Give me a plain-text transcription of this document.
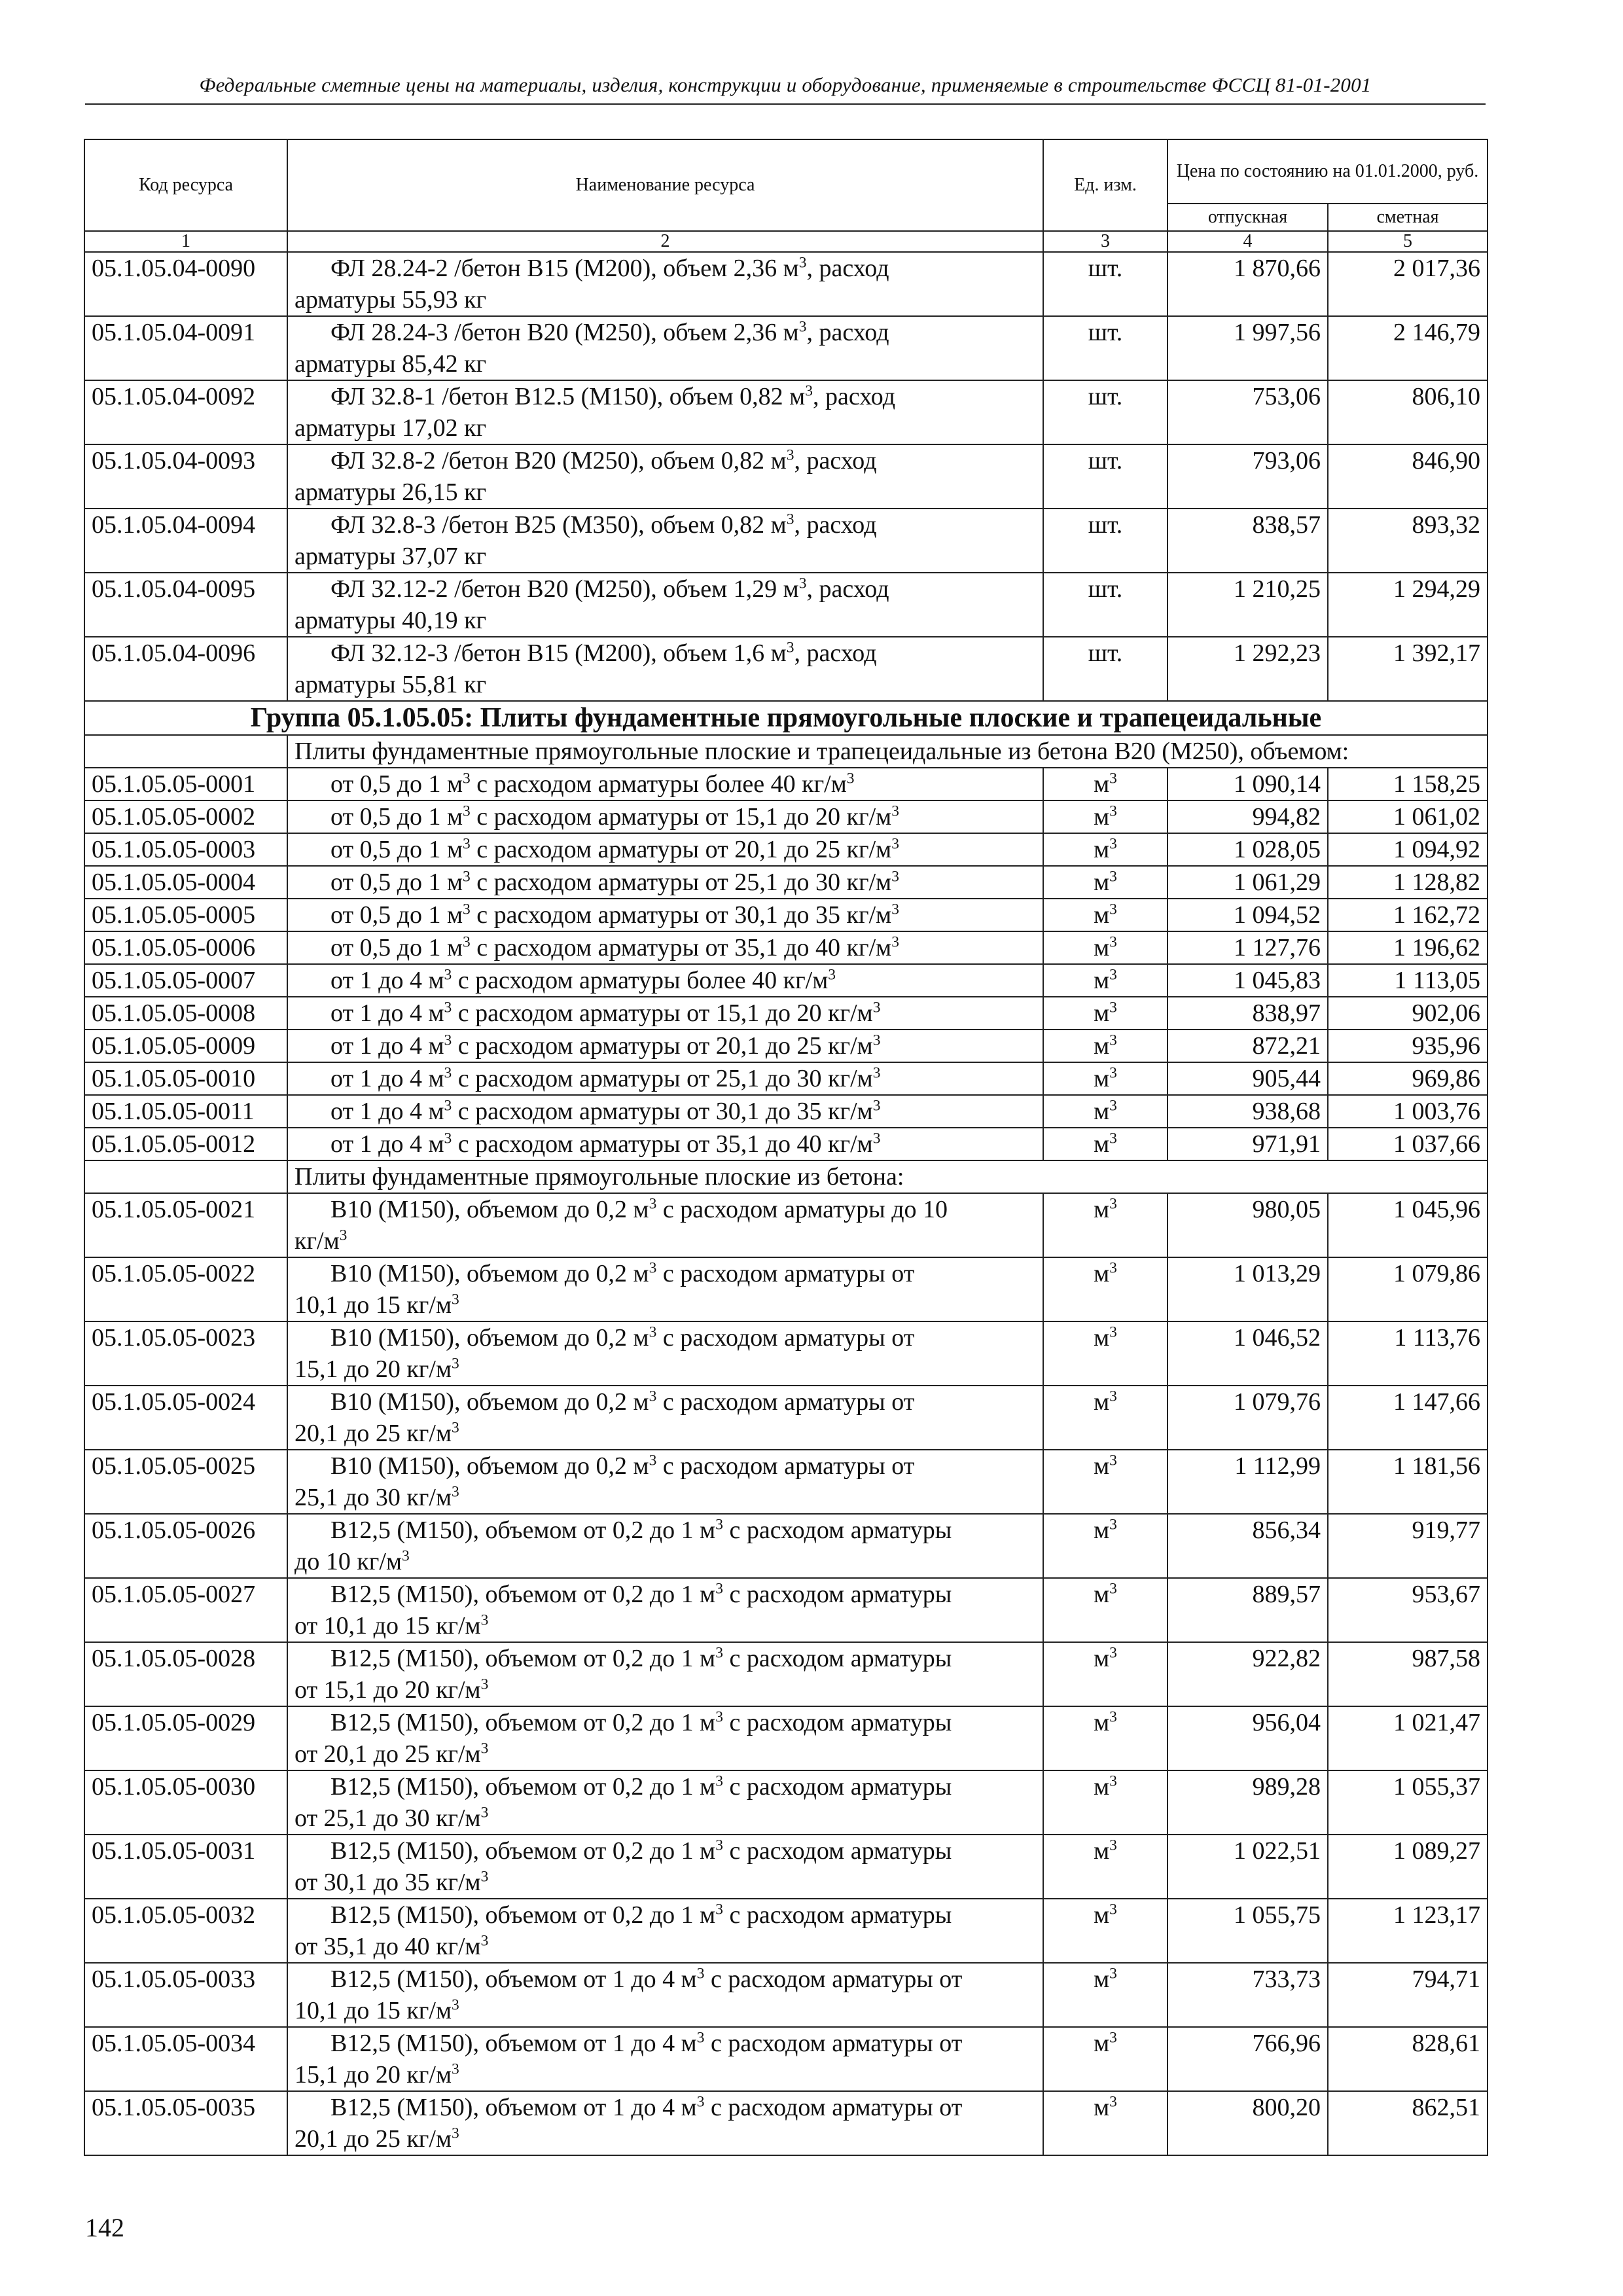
Федеральные сметные цены на материалы, изделия, конструкции и оборудование, применяемые в строительстве ФССЦ 81-01-2001
Код ресурса	Наименование ресурса	Ед. изм.	Цена по состоянию на 01.01.2000, руб.	
			отпускная	сметная
1	2	3	4	5
05.1.05.04-0090	ФЛ 28.24-2 /бетон В15 (М200), объем 2,36 $м^3$, расход
арматуры 55,93 кг	шт.	1 870,66	2 017,36
05.1.05.04-0091	ФЛ 28.24-3 /бетон В20 (М250), объем 2,36 $м^3$, расход
арматуры 85,42 кг	шт.	1 997,56	2 146,79
05.1.05.04-0092	ФЛ 32.8-1 /бетон В12.5 (М150), объем 0,82 $м^3$, расход
арматуры 17,02 кг	шт.	753,06	806,10
05.1.05.04-0093	ФЛ 32.8-2 /бетон В20 (М250), объем 0,82 $м^3$, расход
арматуры 26,15 кг	шт.	793,06	846,90
05.1.05.04-0094	ФЛ 32.8-3 /бетон В25 (М350), объем 0,82 $м^3$, расход
арматуры 37,07 кг	шт.	838,57	893,32
05.1.05.04-0095	ФЛ 32.12-2 /бетон В20 (М250), объем 1,29 $м^3$, расход
арматуры 40,19 кг	шт.	1 210,25	1 294,29
05.1.05.04-0096	ФЛ 32.12-3 /бетон В15 (М200), объем 1,6 $м^3$, расход
арматуры 55,81 кг	шт.	1 292,23	1 392,17
Группа 05.1.05.05: Плиты фундаментные прямоугольные плоские и трапецеидальные				
	Плиты фундаментные прямоугольные плоские и трапецеидальные из бетона В20 (М250), объемом:			
05.1.05.05-0001	от 0,5 до 1 $м^3$ с расходом арматуры более 40 $кг/м^3$	$м^3$	1 090,14	1 158,25
05.1.05.05-0002	от 0,5 до 1 $м^3$ с расходом арматуры от 15,1 до 20 $кг/м^3$	$м^3$	994,82	1 061,02
05.1.05.05-0003	от 0,5 до 1 $м^3$ с расходом арматуры от 20,1 до 25 $кг/м^3$	$м^3$	1 028,05	1 094,92
05.1.05.05-0004	от 0,5 до 1 $м^3$ с расходом арматуры от 25,1 до 30 $кг/м^3$	$м^3$	1 061,29	1 128,82
05.1.05.05-0005	от 0,5 до 1 $м^3$ с расходом арматуры от 30,1 до 35 $кг/м^3$	$м^3$	1 094,52	1 162,72
05.1.05.05-0006	от 0,5 до 1 $м^3$ с расходом арматуры от 35,1 до 40 $кг/м^3$	$м^3$	1 127,76	1 196,62
05.1.05.05-0007	от 1 до 4 $м^3$ с расходом арматуры более 40 $кг/м^3$	$м^3$	1 045,83	1 113,05
05.1.05.05-0008	от 1 до 4 $м^3$ с расходом арматуры от 15,1 до 20 $кг/м^3$	$м^3$	838,97	902,06
05.1.05.05-0009	от 1 до 4 $м^3$ с расходом арматуры от 20,1 до 25 $кг/м^3$	$м^3$	872,21	935,96
05.1.05.05-0010	от 1 до 4 $м^3$ с расходом арматуры от 25,1 до 30 $кг/м^3$	$м^3$	905,44	969,86
05.1.05.05-0011	от 1 до 4 $м^3$ с расходом арматуры от 30,1 до 35 $кг/м^3$	$м^3$	938,68	1 003,76
05.1.05.05-0012	от 1 до 4 $м^3$ с расходом арматуры от 35,1 до 40 $кг/м^3$	$м^3$	971,91	1 037,66
	Плиты фундаментные прямоугольные плоские из бетона:			
05.1.05.05-0021	В10 (М150), объемом до 0,2 $м^3$ с расходом арматуры до 10
$кг/м^3$	$м^3$	980,05	1 045,96
05.1.05.05-0022	В10 (М150), объемом до 0,2 $м^3$ с расходом арматуры от
10,1 до 15 $кг/м^3$	$м^3$	1 013,29	1 079,86
05.1.05.05-0023	В10 (М150), объемом до 0,2 $м^3$ с расходом арматуры от
15,1 до 20 $кг/м^3$	$м^3$	1 046,52	1 113,76
05.1.05.05-0024	В10 (М150), объемом до 0,2 $м^3$ с расходом арматуры от
20,1 до 25 $кг/м^3$	$м^3$	1 079,76	1 147,66
05.1.05.05-0025	В10 (М150), объемом до 0,2 $м^3$ с расходом арматуры от
25,1 до 30 $кг/м^3$	$м^3$	1 112,99	1 181,56
05.1.05.05-0026	В12,5 (М150), объемом от 0,2 до 1 $м^3$ с расходом арматуры
до 10 $кг/м^3$	$м^3$	856,34	919,77
05.1.05.05-0027	В12,5 (М150), объемом от 0,2 до 1 $м^3$ с расходом арматуры
от 10,1 до 15 $кг/м^3$	$м^3$	889,57	953,67
05.1.05.05-0028	В12,5 (М150), объемом от 0,2 до 1 $м^3$ с расходом арматуры
от 15,1 до 20 $кг/м^3$	$м^3$	922,82	987,58
05.1.05.05-0029	В12,5 (М150), объемом от 0,2 до 1 $м^3$ с расходом арматуры
от 20,1 до 25 $кг/м^3$	$м^3$	956,04	1 021,47
05.1.05.05-0030	В12,5 (М150), объемом от 0,2 до 1 $м^3$ с расходом арматуры
от 25,1 до 30 $кг/м^3$	$м^3$	989,28	1 055,37
05.1.05.05-0031	В12,5 (М150), объемом от 0,2 до 1 $м^3$ с расходом арматуры
от 30,1 до 35 $кг/м^3$	$м^3$	1 022,51	1 089,27
05.1.05.05-0032	В12,5 (М150), объемом от 0,2 до 1 $м^3$ с расходом арматуры
от 35,1 до 40 $кг/м^3$	$м^3$	1 055,75	1 123,17
05.1.05.05-0033	В12,5 (М150), объемом от 1 до 4 $м^3$ с расходом арматуры от
10,1 до 15 $кг/м^3$	$м^3$	733,73	794,71
05.1.05.05-0034	В12,5 (М150), объемом от 1 до 4 $м^3$ с расходом арматуры от
15,1 до 20 $кг/м^3$	$м^3$	766,96	828,61
05.1.05.05-0035	В12,5 (М150), объемом от 1 до 4 $м^3$ с расходом арматуры от
20,1 до 25 $кг/м^3$	$м^3$	800,20	862,51
142
